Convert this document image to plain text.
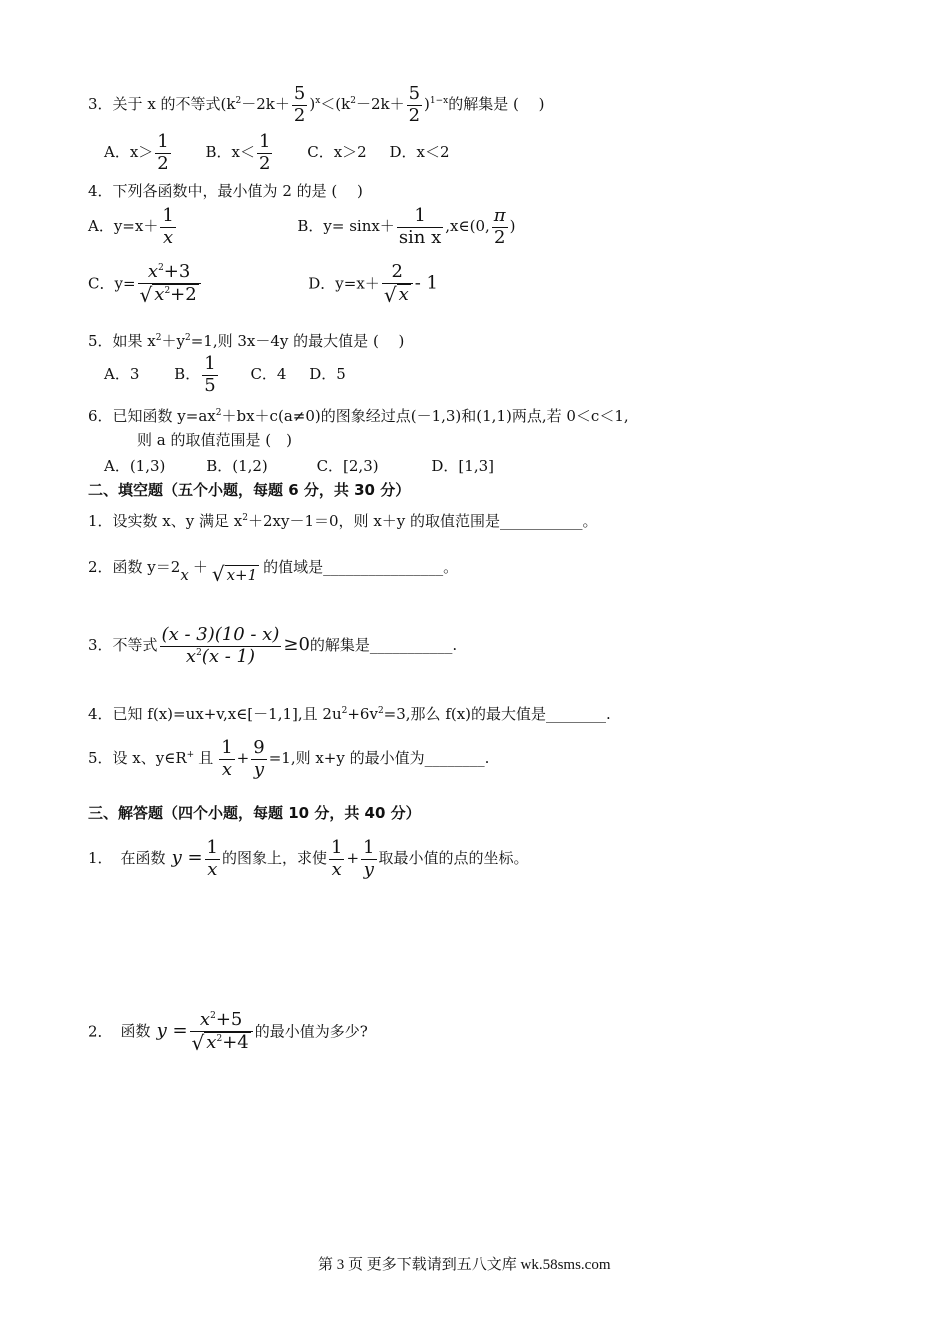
3．关于 x 的不等式$(k^2-2k+ \frac{5}{2} )^x<(k^2-2k+ \frac{5}{2} )^{1-x}$的解集是 (　 )
A．$x> \frac{1}{2}$ B．$x< \frac{1}{2}$ C．x＞2 D．x＜2
4．下列各函数中，最小值为 2 的是 (　 )
A．$y=x+ \frac{1}{x}$	B．$y= \sin x+ \frac{1}{\text{sin x}}$ ,x∈(0, $\frac{\pi}{2}$ )
C．$y= \frac{x^2+3}{√ x^2+2}$	D．$y=x+ \frac{2}{√ x} - 1$
5．如果 $x^2+y^2=1$,则 3x－4y 的最大值是 (　 )
A．3 B． $\frac{1}{5}$ C．4 D．5
6．已知函数 $y=ax^2+bx+c(a\ne 0)$的图象经过点(－1,3)和(1,1)两点,若 0＜c＜1,
则 a 的取值范围是 (　)
A．(1,3)	B．(1,2)	C．[2,3)	D．[1,3]
二、填空题（五个小题，每题 6 分，共 30 分）
1．设实数 x、y 满足 $x^2+2xy-1=0$，则 x＋y 的取值范围是___________。
2．函数 y＝2x ＋ √ x+1 的值域是________________。
3．不等式 $\frac{(x - 3)(10 - x)}{x^2(x - 1)} \ge 0$的解集是___________.
4．已知 f(x)=ux+v,x∈[－1,1],且 $2u^2+6v^2=3$,那么 f(x)的最大值是________.
5．设 x、y∈R+ 且 $\frac{1}{x} + \frac{9}{y} =1$,则 x+y 的最小值为________.
三、解答题（四个小题，每题 10 分，共 40 分）
1． 在函数 $y = \frac{1}{x}$ 的图象上，求使 $\frac{1}{x} + \frac{1}{y}$ 取最小值的点的坐标。
2． 函数 $y = \frac{x^2+5}{√ x^2+4}$ 的最小值为多少?
第 3 页 更多下载请到五八文库 wk.58sms.com
